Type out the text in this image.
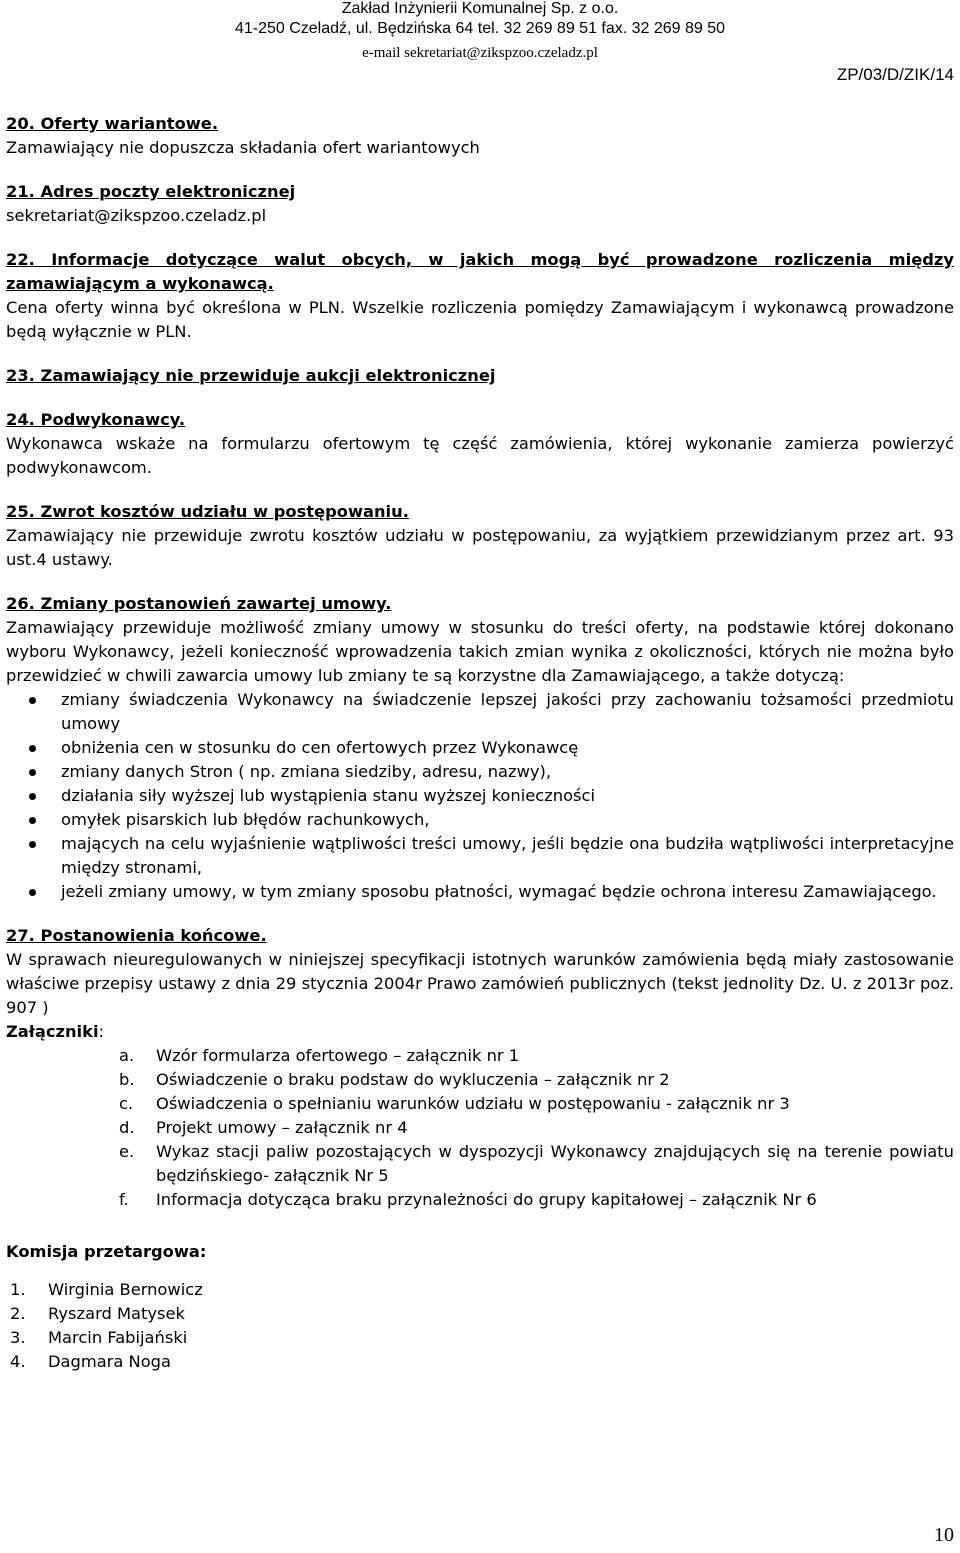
Zakład Inżynierii Komunalnej Sp. z o.o.
41-250 Czeladź, ul. Będzińska 64 tel. 32 269 89 51 fax. 32 269 89 50
e-mail sekretariat@zikspzoo.czeladz.pl
ZP/03/D/ZIK/14

20. Oferty wariantowe.

Zamawiający nie dopuszcza składania ofert wariantowych

21. Adres poczty elektronicznej

sekretariat@zikspzoo.czeladz.pl

22. Informacje dotyczące walut obcych, w jakich mogą być prowadzone rozliczenia między zamawiającym a wykonawcą.

Cena oferty winna być określona w PLN. Wszelkie rozliczenia pomiędzy Zamawiającym i wykonawcą prowadzone będą wyłącznie w PLN.

23. Zamawiający nie przewiduje aukcji elektronicznej

24. Podwykonawcy.

Wykonawca wskaże na formularzu ofertowym tę część zamówienia, której wykonanie zamierza powierzyć podwykonawcom.

25. Zwrot kosztów udziału w postępowaniu.

Zamawiający nie przewiduje zwrotu kosztów udziału w postępowaniu, za wyjątkiem przewidzianym przez art. 93 ust.4 ustawy.

26. Zmiany postanowień zawartej umowy.

Zamawiający przewiduje możliwość zmiany umowy w stosunku do treści oferty, na podstawie której dokonano wyboru Wykonawcy, jeżeli konieczność wprowadzenia takich zmian wynika z okoliczności, których nie można było przewidzieć w chwili zawarcia umowy lub zmiany te są korzystne dla Zamawiającego, a także dotyczą:

zmiany świadczenia Wykonawcy na świadczenie lepszej jakości przy zachowaniu tożsamości przedmiotu umowy
obniżenia cen w stosunku do cen ofertowych przez Wykonawcę
zmiany danych Stron ( np. zmiana siedziby, adresu, nazwy),
działania siły wyższej lub wystąpienia stanu wyższej konieczności
omyłek pisarskich lub błędów rachunkowych,
mających na celu wyjaśnienie wątpliwości treści umowy, jeśli będzie ona budziła wątpliwości interpretacyjne między stronami,
jeżeli zmiany umowy, w tym zmiany sposobu płatności, wymagać będzie ochrona interesu Zamawiającego.

27. Postanowienia końcowe.

W sprawach nieuregulowanych w niniejszej specyfikacji istotnych warunków zamówienia będą miały zastosowanie właściwe przepisy ustawy z dnia 29 stycznia 2004r Prawo zamówień publicznych (tekst jednolity Dz. U. z 2013r poz. 907 )

Załączniki:

a. Wzór formularza ofertowego – załącznik nr 1
b. Oświadczenie o braku podstaw do wykluczenia – załącznik nr 2
c. Oświadczenia o spełnianiu warunków udziału w postępowaniu - załącznik nr 3
d. Projekt umowy – załącznik nr 4
e. Wykaz stacji paliw pozostających w dyspozycji Wykonawcy znajdujących się na terenie powiatu będzińskiego- załącznik Nr 5
f. Informacja dotycząca braku przynależności do grupy kapitałowej – załącznik Nr 6

Komisja przetargowa:

1. Wirginia Bernowicz
2. Ryszard Matysek
3. Marcin Fabijański
4. Dagmara Noga
10
